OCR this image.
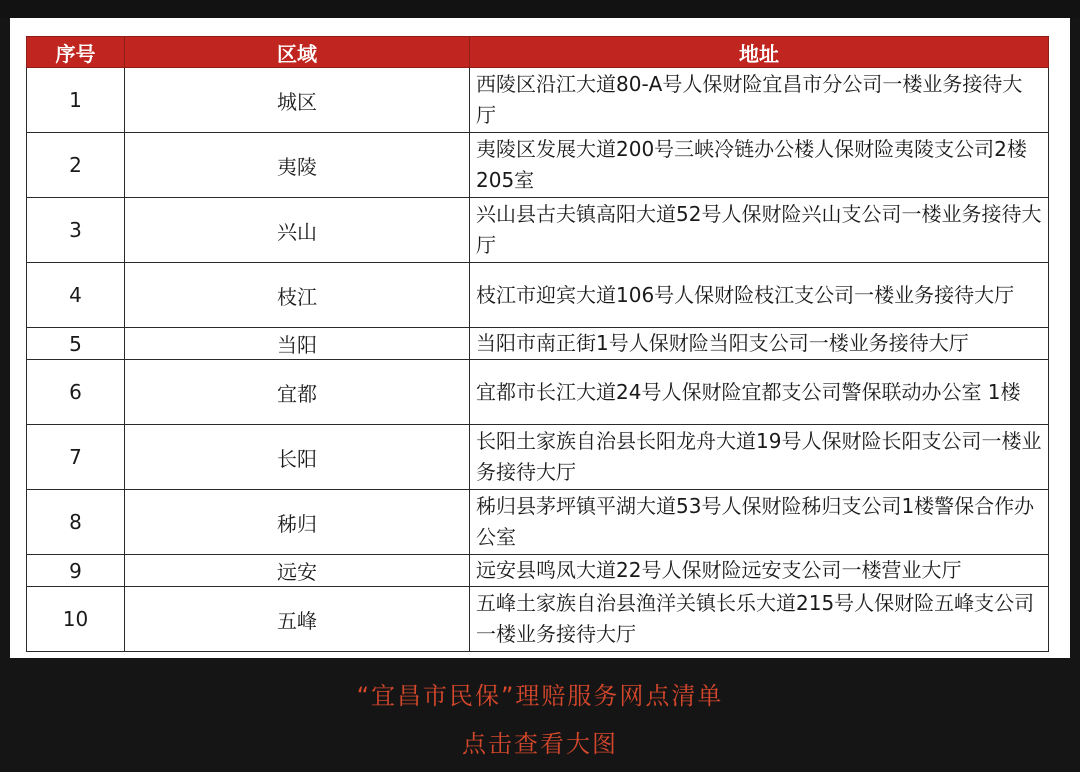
序号	区域	地址
1	城区	西陵区沿江大道80-A号人保财险宜昌市分公司一楼业务接待大厅
2	夷陵	夷陵区发展大道200号三峡冷链办公楼人保财险夷陵支公司2楼205室
3	兴山	兴山县古夫镇高阳大道52号人保财险兴山支公司一楼业务接待大厅
4	枝江	枝江市迎宾大道106号人保财险枝江支公司一楼业务接待大厅
5	当阳	当阳市南正街1号人保财险当阳支公司一楼业务接待大厅
6	宜都	宜都市长江大道24号人保财险宜都支公司警保联动办公室 1楼
7	长阳	长阳土家族自治县长阳龙舟大道19号人保财险长阳支公司一楼业务接待大厅
8	秭归	秭归县茅坪镇平湖大道53号人保财险秭归支公司1楼警保合作办公室
9	远安	远安县鸣凤大道22号人保财险远安支公司一楼营业大厅
10	五峰	五峰土家族自治县渔洋关镇长乐大道215号人保财险五峰支公司一楼业务接待大厅
“宜昌市民保”理赔服务网点清单
点击查看大图
